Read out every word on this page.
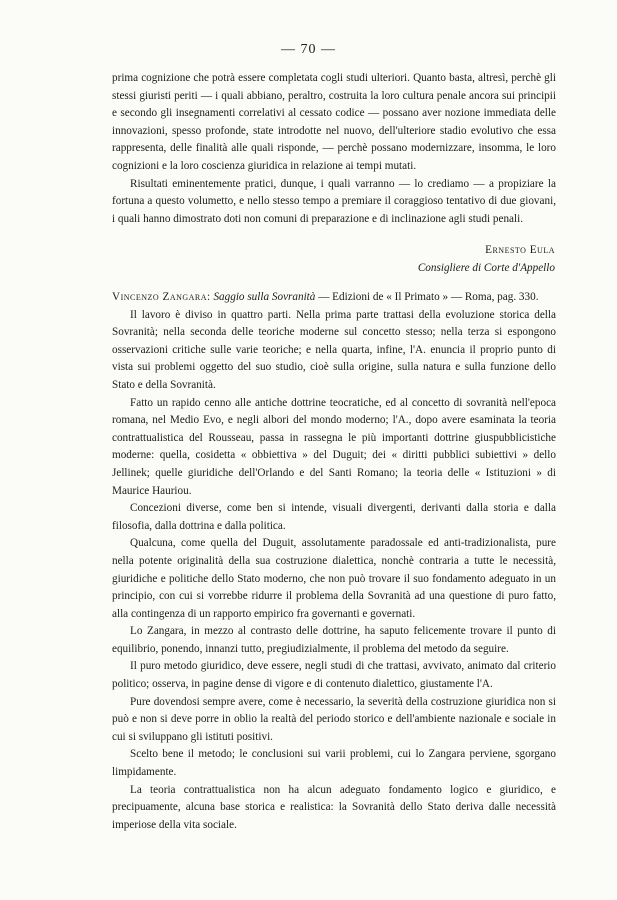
— 70 —

prima cognizione che potrà essere completata cogli studi ulteriori. Quanto basta, altresì, perchè gli stessi giuristi periti — i quali abbiano, peraltro, costruita la loro cultura penale ancora sui principii e secondo gli insegnamenti correlativi al cessato codice — possano aver nozione immediata delle innovazioni, spesso profonde, state introdotte nel nuovo, dell'ulteriore stadio evolutivo che essa rappresenta, delle finalità alle quali risponde, — perchè possano modernizzare, insomma, le loro cognizioni e la loro coscienza giuridica in relazione ai tempi mutati.

Risultati eminentemente pratici, dunque, i quali varranno — lo crediamo — a propiziare la fortuna a questo volumetto, e nello stesso tempo a premiare il coraggioso tentativo di due giovani, i quali hanno dimostrato doti non comuni di preparazione e di inclinazione agli studi penali.

Ernesto Eula
Consigliere di Corte d'Appello

Vincenzo Zangara: Saggio sulla Sovranità — Edizioni de « Il Primato » — Roma, pag. 330.

Il lavoro è diviso in quattro parti. Nella prima parte trattasi della evoluzione storica della Sovranità; nella seconda delle teoriche moderne sul concetto stesso; nella terza si espongono osservazioni critiche sulle varie teoriche; e nella quarta, infine, l'A. enuncia il proprio punto di vista sui problemi oggetto del suo studio, cioè sulla origine, sulla natura e sulla funzione dello Stato e della Sovranità.

Fatto un rapido cenno alle antiche dottrine teocratiche, ed al concetto di sovranità nell'epoca romana, nel Medio Evo, e negli albori del mondo moderno; l'A., dopo avere esaminata la teoria contrattualistica del Rousseau, passa in rassegna le più importanti dottrine giuspubblicistiche moderne: quella, cosidetta « obbiettiva » del Duguit; dei « diritti pubblici subiettivi » dello Jellinek; quelle giuridiche dell'Orlando e del Santi Romano; la teoria delle « Istituzioni » di Maurice Hauriou.

Concezioni diverse, come ben si intende, visuali divergenti, derivanti dalla storia e dalla filosofia, dalla dottrina e dalla politica.

Qualcuna, come quella del Duguit, assolutamente paradossale ed anti-tradizionalista, pure nella potente originalità della sua costruzione dialettica, nonchè contraria a tutte le necessità, giuridiche e politiche dello Stato moderno, che non può trovare il suo fondamento adeguato in un principio, con cui si vorrebbe ridurre il problema della Sovranità ad una questione di puro fatto, alla contingenza di un rapporto empirico fra governanti e governati.

Lo Zangara, in mezzo al contrasto delle dottrine, ha saputo felicemente trovare il punto di equilibrio, ponendo, innanzi tutto, pregiudizialmente, il problema del metodo da seguire.

Il puro metodo giuridico, deve essere, negli studi di che trattasi, avvivato, animato dal criterio politico; osserva, in pagine dense di vigore e di contenuto dialettico, giustamente l'A.

Pure dovendosi sempre avere, come è necessario, la severità della costruzione giuridica non si può e non si deve porre in oblio la realtà del periodo storico e dell'ambiente nazionale e sociale in cui si sviluppano gli istituti positivi.

Scelto bene il metodo; le conclusioni sui varii problemi, cui lo Zangara perviene, sgorgano limpidamente.

La teoria contrattualistica non ha alcun adeguato fondamento logico e giuridico, e precipuamente, alcuna base storica e realistica: la Sovranità dello Stato deriva dalle necessità imperiose della vita sociale.
